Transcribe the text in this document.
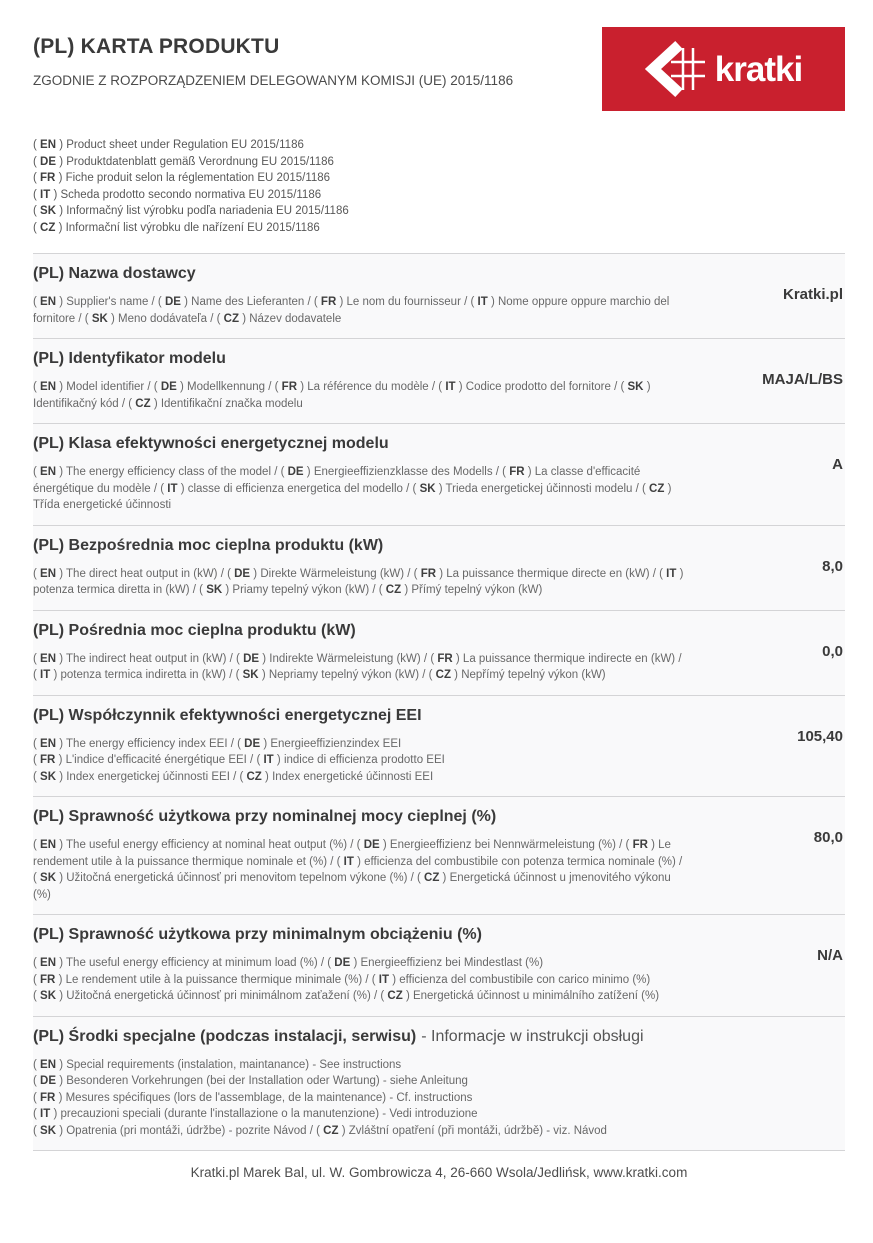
(PL) KARTA PRODUKTU

ZGODNIE Z ROZPORZĄDZENIEM DELEGOWANYM KOMISJI (UE) 2015/1186	kratki
( EN ) Product sheet under Regulation EU 2015/1186
( DE ) Produktdatenblatt gemäß Verordnung EU 2015/1186
( FR ) Fiche produit selon la réglementation EU 2015/1186
( IT ) Scheda prodotto secondo normativa EU 2015/1186
( SK ) Informačný list výrobku podľa nariadenia EU 2015/1186
( CZ ) Informační list výrobku dle nařízení EU 2015/1186
(PL) Nazwa dostawcy
( EN ) Supplier's name / ( DE ) Name des Lieferanten / ( FR ) Le nom du fournisseur / ( IT ) Nome oppure oppure marchio del fornitore / ( SK ) Meno dodávateľa / ( CZ ) Název dodavatele
Kratki.pl
(PL) Identyfikator modelu
( EN ) Model identifier / ( DE ) Modellkennung / ( FR ) La référence du modèle / ( IT ) Codice prodotto del fornitore / ( SK ) Identifikačný kód / ( CZ ) Identifikační značka modelu
MAJA/L/BS
(PL) Klasa efektywności energetycznej modelu
( EN ) The energy efficiency class of the model / ( DE ) Energieeffizienzklasse des Modells / ( FR ) La classe d'efficacité énergétique du modèle / ( IT ) classe di efficienza energetica del modello / ( SK ) Trieda energetickej účinnosti modelu / ( CZ ) Třída energetické účinnosti
A
(PL) Bezpośrednia moc cieplna produktu (kW)
( EN ) The direct heat output in (kW) / ( DE ) Direkte Wärmeleistung (kW) / ( FR ) La puissance thermique directe en (kW) / ( IT ) potenza termica diretta in (kW) / ( SK ) Priamy tepelný výkon (kW) / ( CZ ) Přímý tepelný výkon (kW)
8,0
(PL) Pośrednia moc cieplna produktu (kW)
( EN ) The indirect heat output in (kW) / ( DE ) Indirekte Wärmeleistung (kW) / ( FR ) La puissance thermique indirecte en (kW) / ( IT ) potenza termica indiretta in (kW) / ( SK ) Nepriamy tepelný výkon (kW) / ( CZ ) Nepřímý tepelný výkon (kW)
0,0
(PL) Współczynnik efektywności energetycznej EEI
( EN ) The energy efficiency index EEI / ( DE ) Energieeffizienzindex EEI
( FR ) L'indice d'efficacité énergétique EEI / ( IT ) indice di efficienza prodotto EEI
( SK ) Index energetickej účinnosti EEI / ( CZ ) Index energetické účinnosti EEI
105,40
(PL) Sprawność użytkowa przy nominalnej mocy cieplnej (%)
( EN ) The useful energy efficiency at nominal heat output (%) / ( DE ) Energieeffizienz bei Nennwärmeleistung (%) / ( FR ) Le rendement utile à la puissance thermique nominale et (%) / ( IT ) efficienza del combustibile con potenza termica nominale (%) / ( SK ) Užitočná energetická účinnosť pri menovitom tepelnom výkone (%) / ( CZ ) Energetická účinnost u jmenovitého výkonu (%)
80,0
(PL) Sprawność użytkowa przy minimalnym obciążeniu (%)
( EN ) The useful energy efficiency at minimum load (%) / ( DE ) Energieeffizienz bei Mindestlast (%)
( FR ) Le rendement utile à la puissance thermique minimale (%) / ( IT ) efficienza del combustibile con carico minimo (%)
( SK ) Užitočná energetická účinnosť pri minimálnom zaťažení (%) / ( CZ ) Energetická účinnost u minimálního zatížení (%)
N/A
(PL) Środki specjalne (podczas instalacji, serwisu) - Informacje w instrukcji obsługi
( EN ) Special requirements (instalation, maintanance) - See instructions
( DE ) Besonderen Vorkehrungen (bei der Installation oder Wartung) - siehe Anleitung
( FR ) Mesures spécifiques (lors de l'assemblage, de la maintenance) - Cf. instructions
( IT ) precauzioni speciali (durante l'installazione o la manutenzione) - Vedi introduzione
( SK ) Opatrenia (pri montáži, údržbe) - pozrite Návod / ( CZ ) Zvláštní opatření (při montáži, údržbě) - viz. Návod
Kratki.pl Marek Bal, ul. W. Gombrowicza 4, 26-660 Wsola/Jedlińsk, www.kratki.com
